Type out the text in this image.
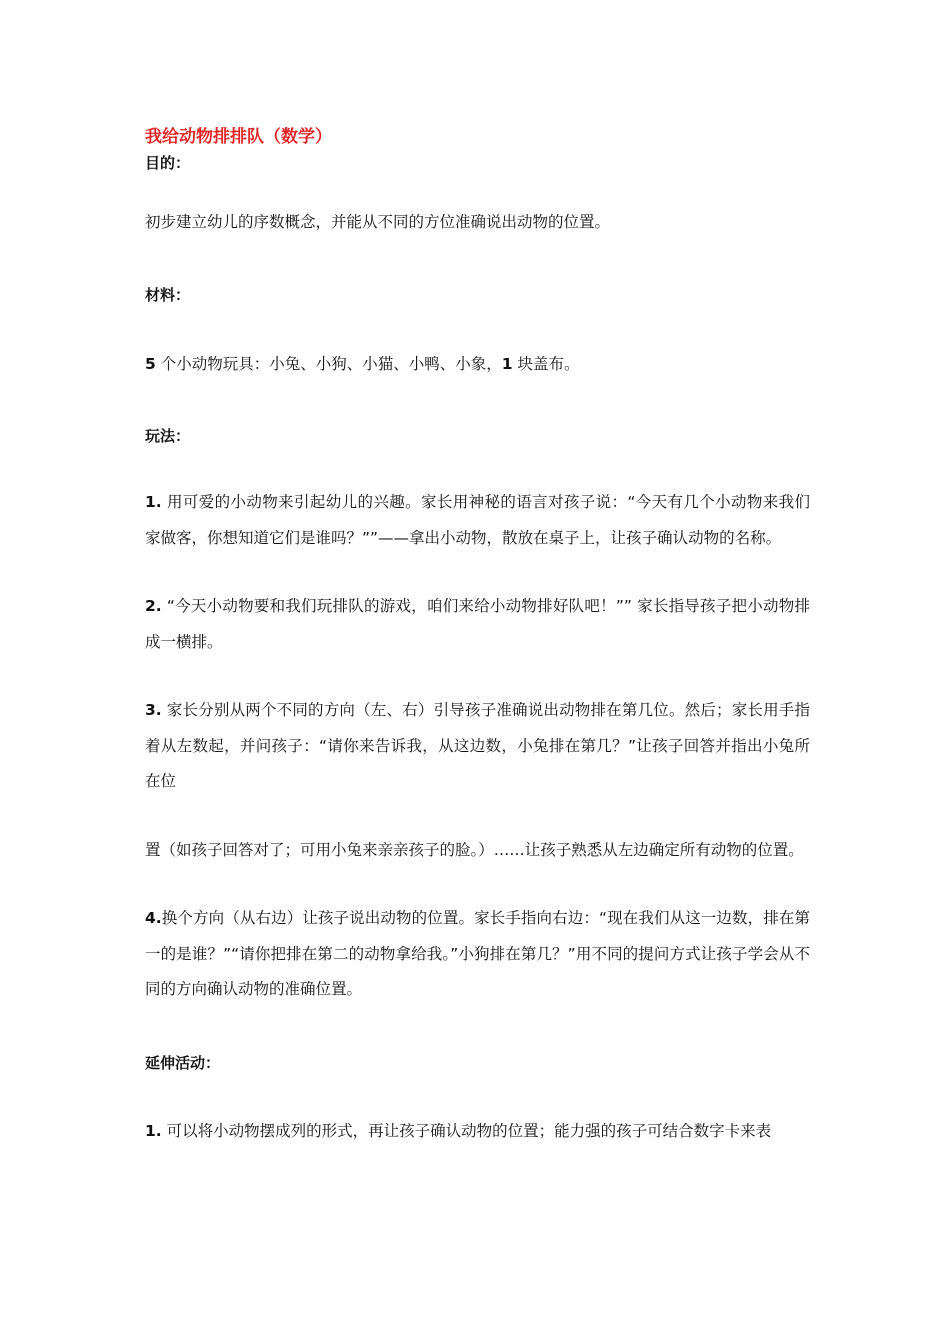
我给动物排排队（数学）

目的：

初步建立幼儿的序数概念，并能从不同的方位准确说出动物的位置。

材料：

5 个小动物玩具：小兔、小狗、小猫、小鸭、小象，1 块盖布。

玩法：

1. 用可爱的小动物来引起幼儿的兴趣。家长用神秘的语言对孩子说：“今天有几个小动物来我们家做客，你想知道它们是谁吗？””——拿出小动物，散放在桌子上，让孩子确认动物的名称。

2. “今天小动物要和我们玩排队的游戏，咱们来给小动物排好队吧！”” 家长指导孩子把小动物排成一横排。

3. 家长分别从两个不同的方向（左、右）引导孩子准确说出动物排在第几位。然后；家长用手指着从左数起，并问孩子：“请你来告诉我，从这边数，小兔排在第几？”让孩子回答并指出小兔所在位

置（如孩子回答对了；可用小兔来亲亲孩子的脸。）……让孩子熟悉从左边确定所有动物的位置。

4.换个方向（从右边）让孩子说出动物的位置。家长手指向右边：“现在我们从这一边数，排在第一的是谁？”“请你把排在第二的动物拿给我。”小狗排在第几？”用不同的提问方式让孩子学会从不同的方向确认动物的准确位置。

延伸活动：

1. 可以将小动物摆成列的形式，再让孩子确认动物的位置；能力强的孩子可结合数字卡来表
